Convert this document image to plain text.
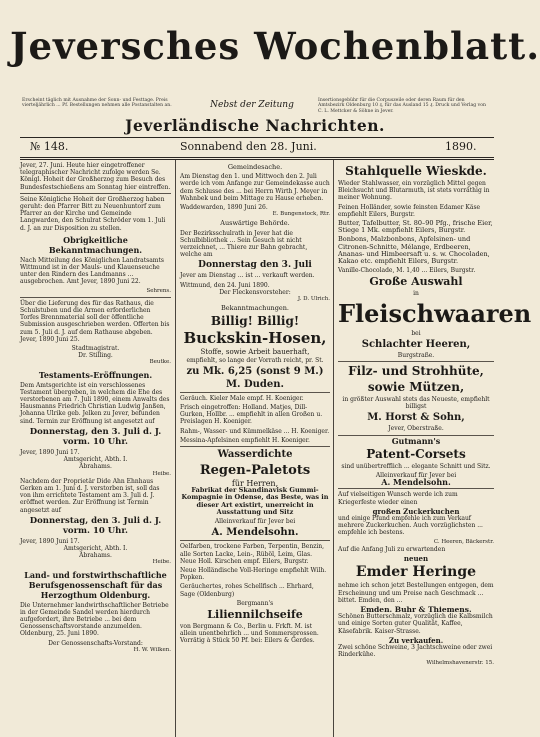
Jeversches Wochenblatt.
Erscheint täglich mit Ausnahme der Sonn- und Festtage. Preis vierteljährlich ... Pf. Bestellungen nehmen alle Postanstalten an.	Nebst der Zeitung	Insertionsgebühr für die Corpuszeile oder deren Raum für den Amtsbezirk Oldenburg 10 ₰, für das Ausland 15 ₰. Druck und Verlag von C. L. Mettcker & Söhne in Jever.
Jeverländische Nachrichten.
№ 148.	Sonnabend den 28. Juni.	1890.

Jever, 27. Juni. Heute hier eingetroffener telegraphischer Nachricht zufolge werden Se. Königl. Hoheit der Großherzog zum Besuch des Bundesfestschießens am Sonntag hier eintreffen.

Seine Königliche Hoheit der Großherzog haben geruht: den Pfarrer Bitt zu Neuenhuntorf zum Pfarrer an der Kirche und Gemeinde Langwarden, den Schulrat Schröder vom 1. Juli d. J. an zur Disposition zu stellen.

Obrigkeitliche Bekanntmachungen.

Nach Mitteilung des Königlichen Landratsamts Wittmund ist in der Mauls- und Klauenseuche unter den Rindern des Landmanns ... ausgebrochen. Amt Jever, 1890 Juni 22.

Sehrens.

Über die Lieferung des für das Rathaus, die Schulstuben und die Armen erforderlichen Torfes Brennmaterial soll der öffentliche Submission ausgeschrieben werden. Offerten bis zum 5. Juli d. J. auf dem Rathause abgeben. Jever, 1890 Juni 25.

Stadtmagistrat.
Dr. Stilling.
Beutke.
Testaments-Eröffnungen.

Dem Amtsgerichte ist ein verschlossenes Testament übergeben, in welchem die Ehe des verstorbenen am 7. Juli 1890, einem Anwalts des Hausmanns Friedrich Christian Ludwig Janßen, Johanna Ulrike geb. Jelken zu Jever, befunden sind. Termin zur Eröffnung ist angesetzt auf

Donnerstag, den 3. Juli d. J. vorm. 10 Uhr.
Jever, 1890 Juni 17.
Amtsgericht, Abth. I.
Abrahams.
Heibe.

Nachdem der Proprietär Dide Ahn Ehnhaus Gerken am 1. Juni d. J. verstorben ist, soll das von ihm errichtete Testament am 3. Juli d. J. eröffnet werden. Zur Eröffnung ist Termin angesetzt auf

Donnerstag, den 3. Juli d. J. vorm. 10 Uhr.
Jever, 1890 Juni 17.
Amtsgericht, Abth. I.
Abrahams.
Heibe.
Land- und forstwirthschaftliche Berufsgenossenschaft für das Herzogthum Oldenburg.

Die Unternehmer landwirthschaftlicher Betriebe in der Gemeinde Sandel werden hierdurch aufgefordert, ihre Betriebe ... bei dem Genossenschaftsvorstande anzumelden. Oldenburg, 25. Juni 1890.

Der Genossenschafts-Vorstand:
H. W. Wilken.
Gemeindesache.

Am Dienstag den 1. und Mittwoch den 2. Juli werde ich vom Anfange zur Gemeindekasse auch dem Schlusse des ... bei Herrn Wirth J. Meyer in Wahnbek und beim Mittage zu Hause erheben.

Waddewarden, 1890 Juni 26.
E. Bungenstock, Rtr.
Auswärtige Behörde.

Der Bezirksschulrath in Jever hat die Schulbibliothek ... Sein Gesuch ist nicht verzeichnet, ... Thiere zur Bahn gebracht, welche am

Donnerstag den 3. Juli

Jever am Dienstag ... ist ... verkauft werden.

Wittmund, den 24. Juni 1890.
Der Fleckensvorsteher:
J. D. Ulrich.
Bekanntmachungen.
Billig! Billig!
Buckskin-Hosen,
Stoffe, sowie Arbeit bauerhaft,
empfiehlt, so lange der Vorrath reicht, pr. St.
zu Mk. 6,25 (sonst 9 M.)
M. Duden.

Geräuch. Kieler Male empf. H. Koeniger.

Frisch eingetroffen: Holland. Matjes, Dill-Gurken, Hollbr. ... empfiehlt in allen Großen u. Preislagen H. Koeniger.

Rahm-, Wasser- und Kümmelkäse ... H. Koeniger.

Messina-Apfelsinen empfiehlt H. Koeniger.

Wasserdichte
Regen-Paletots
für Herren,

Fabrikat der Skandinavisk Gummi-Kompagnie in Odense, das Beste, was in dieser Art existirt, unerreicht in Ausstattung und Sitz

Alleinverkauf für Jever bei
A. Mendelsohn.

Oelfarben, trockene Farben, Terpentin, Benzin, alle Sorten Lacke, Lein-, Rüböl, Leim, Glas. Neue Holl. Kirschen empf. Eilers, Burgstr.

Neue Holländische Voll-Heringe empfiehlt Wilh. Popken.

Geräuchertes, rohes Schellfisch ... Ehrhard, Sage (Oldenburg)

Bergmann's
Liliennilchseife

von Bergmann & Co., Berlin u. Frkft. M. ist allein unentbehrlich ... und Sommersprossen. Vorrätig à Stück 50 Pf. bei: Eilers & Gerdes.

Stahlquelle Wieskde.

Wieder Stahlwasser, ein vorzüglich Mittel gegen Bleichsucht und Blutarmuth, ist stets vorräthig in meiner Wohnung.

Feinen Holländer, sowie feinsten Edamer Käse empfiehlt Eilers, Burgstr.

Butter, Tafelbutter, St. 80–90 Pfg., frische Eier, Stiege 1 Mk. empfiehlt Eilers, Burgstr.

Bonbons, Malzbonbons, Apfelsinen- und Citronen-Schnitte, Mélange, Erdbeeren, Ananas- und Himbeersaft u. s. w. Chocoladen, Kakao etc. empfiehlt Eilers, Burgstr.

Vanille-Chocolade, M. 1,40 ... Eilers, Burgstr.

Große Auswahl
in
Fleischwaaren
bei
Schlachter Heeren,
Burgstraße.
Filz- und Strohhüte,
sowie Mützen,
in größter Auswahl stets das Neueste, empfiehlt billigst
M. Horst & Sohn,
Jever, Oberstraße.
Gutmann's
Patent-Corsets

sind unübertrefflich ... elegante Schnitt und Sitz.

Alleinverkauf für Jever bei
A. Mendelsohn.

Auf vielseitigen Wunsch werde ich zum Kriegerfeste wieder einen

großen Zuckerkuchen

und einige Pfund empfehle ich zum Verkauf mehrere Zuckerkuchen. Auch vorzüglichsten ... empfehle ich bestens.

C. Heeren, Bäckerstr.

Auf die Anfang Juli zu erwartenden

neuen
Emder Heringe

nehme ich schon jetzt Bestellungen entgegen, dem Erscheinung und um Preise nach Geschmack ... bittet. Emden, den ...

Emden. Buhr & Thiemens.

Schönen Butterschmalz, vorzüglich die Kalbsmilch und einige Sorten guter Qualität, Kaffee, Käsefabrik. Kaiser-Strasse.

Zu verkaufen.

Zwei schöne Schweine, 3 Jachtschweine oder zwei Rinderkühe.

Wilhelmshavenerstr. 15.
